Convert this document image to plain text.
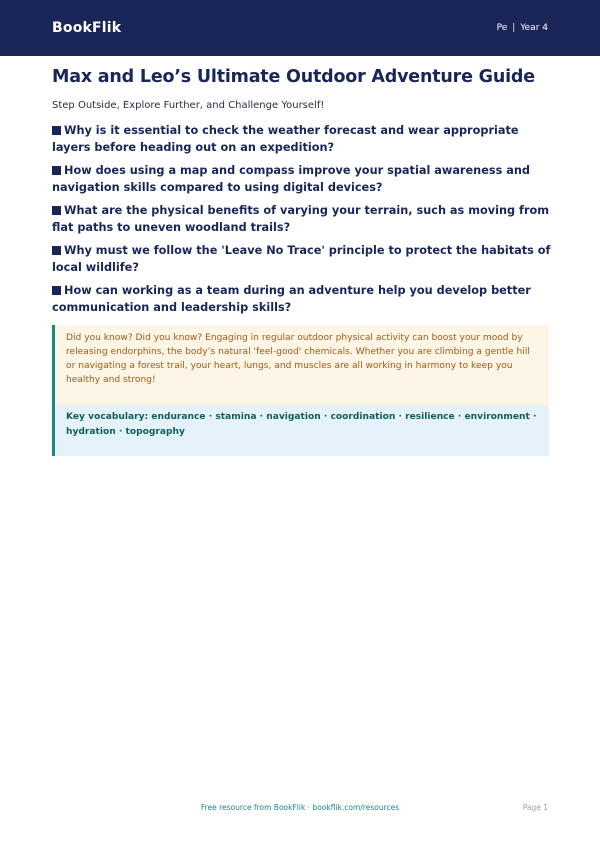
BookFlik	Pe | Year 4
Max and Leo’s Ultimate Outdoor Adventure Guide

Step Outside, Explore Further, and Challenge Yourself!

Why is it essential to check the weather forecast and wear appropriate layers before heading out on an expedition?
How does using a map and compass improve your spatial awareness and navigation skills compared to using digital devices?
What are the physical benefits of varying your terrain, such as moving from flat paths to uneven woodland trails?
Why must we follow the 'Leave No Trace' principle to protect the habitats of local wildlife?
How can working as a team during an adventure help you develop better communication and leadership skills?
Did you know? Did you know? Engaging in regular outdoor physical activity can boost your mood by releasing endorphins, the body’s natural 'feel-good' chemicals. Whether you are climbing a gentle hill or navigating a forest trail, your heart, lungs, and muscles are all working in harmony to keep you healthy and strong!
Key vocabulary: endurance · stamina · navigation · coordination · resilience · environment · hydration · topography
Free resource from BookFlik · bookflik.com/resources	Page 1
